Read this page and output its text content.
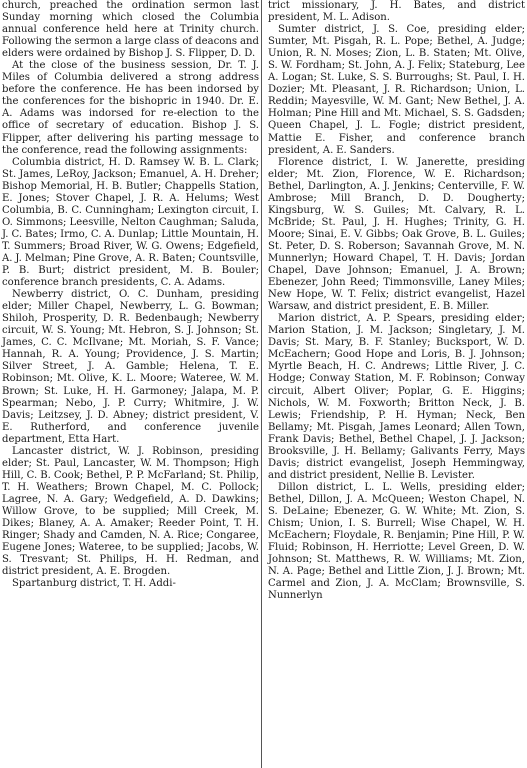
church, preached the ordination sermon last Sunday morning which closed the Columbia annual conference held here at Trinity church. Following the sermon a large class of deacons and elders were ordained by Bishop J. S. Flipper, D. D.

At the close of the business session, Dr. T. J. Miles of Columbia delivered a strong address before the conference. He has been indorsed by the conferences for the bishopric in 1940. Dr. E. A. Adams was indorsed for re-election to the office of secretary of education. Bishop J. S. Flipper, after delivering his parting message to the conference, read the following assignments:

Columbia district, H. D. Ramsey W. B. L. Clark; St. James, LeRoy, Jackson; Emanuel, A. H. Dreher; Bishop Memorial, H. B. Butler; Chappells Station, E. Jones; Stover Chapel, J. R. A. Helums; West Columbia, B. C. Cunningham; Lexington circuit, I. O. Simmons; Leesville, Nelton Caughman; Saluda, J. C. Bates; Irmo, C. A. Dunlap; Little Mountain, H. T. Summers; Broad River, W. G. Owens; Edgefield, A. J. Melman; Pine Grove, A. R. Baten; Countsville, P. B. Burt; district president, M. B. Bouler; conference branch presidents, C. A. Adams.

Newberry district, O. C. Dunham, presiding elder; Miller Chapel, Newberry, L. G. Bowman; Shiloh, Prosperity, D. R. Bedenbaugh; Newberry circuit, W. S. Young; Mt. Hebron, S. J. Johnson; St. James, C. C. McIlvane; Mt. Moriah, S. F. Vance; Hannah, R. A. Young; Providence, J. S. Martin; Silver Street, J. A. Gamble; Helena, T. E. Robinson; Mt. Olive, K. L. Moore; Wateree, W. M. Brown; St. Luke, H. H. Garmoney; Jalapa, M. P. Spearman; Nebo, J. P. Curry; Whitmire, J. W. Davis; Leitzsey, J. D. Abney; district president, V. E. Rutherford, and conference juvenile department, Etta Hart.

Lancaster district, W. J. Robinson, presiding elder; St. Paul, Lancaster, W. M. Thompson; High Hill, C. B. Cook; Bethel, P. P. McFarland; St. Philip, T. H. Weathers; Brown Chapel, M. C. Pollock; Lagree, N. A. Gary; Wedgefield, A. D. Dawkins; Willow Grove, to be supplied; Mill Creek, M. Dikes; Blaney, A. A. Amaker; Reeder Point, T. H. Ringer; Shady and Camden, N. A. Rice; Congaree, Eugene Jones; Wateree, to be supplied; Jacobs, W. S. Tresvant; St. Philips, H. H. Redman, and district president, A. E. Brogden.

Spartanburg district, T. H. Addi-

trict missionary, J. H. Bates, and district president, M. L. Adison.

Sumter district, J. S. Coe, presiding elder; Sumter, Mt. Pisgah, R. L. Pope; Bethel, A. Judge; Union, R. N. Moses; Zion, L. B. Staten; Mt. Olive, S. W. Fordham; St. John, A. J. Felix; Stateburg, Lee A. Logan; St. Luke, S. S. Burroughs; St. Paul, I. H. Dozier; Mt. Pleasant, J. R. Richardson; Union, L. Reddin; Mayesville, W. M. Gant; New Bethel, J. A. Holman; Pine Hill and Mt. Michael, S. S. Gadsden; Queen Chapel, J. L. Fogle; district president, Mattie E. Fisher, and conference branch president, A. E. Sanders.

Florence district, I. W. Janerette, presiding elder; Mt. Zion, Florence, W. E. Richardson; Bethel, Darlington, A. J. Jenkins; Centerville, F. W. Ambrose; Mill Branch, D. D. Dougherty; Kingsburg, W. S. Guiles; Mt. Calvary, R. L. McBride; St. Paul, J. H. Hughes; Trinity, G. H. Moore; Sinai, E. V. Gibbs; Oak Grove, B. L. Guiles; St. Peter, D. S. Roberson; Savannah Grove, M. N. Munnerlyn; Howard Chapel, T. H. Davis; Jordan Chapel, Dave Johnson; Emanuel, J. A. Brown; Ebenezer, John Reed; Timmonsville, Laney Miles; New Hope, W. T. Felix; district evangelist, Hazel Warsaw, and district president, E. B. Miller.

Marion district, A. P. Spears, presiding elder; Marion Station, J. M. Jackson; Singletary, J. M. Davis; St. Mary, B. F. Stanley; Bucksport, W. D. McEachern; Good Hope and Loris, B. J. Johnson; Myrtle Beach, H. C. Andrews; Little River, J. C. Hodge; Conway Station, M. F. Robinson; Conway circuit, Albert Oliver; Poplar, G. E. Higgins; Nichols, W. M. Foxworth; Britton Neck, J. B. Lewis; Friendship, P. H. Hyman; Neck, Ben Bellamy; Mt. Pisgah, James Leonard; Allen Town, Frank Davis; Bethel, Bethel Chapel, J. J. Jackson; Brooksville, J. H. Bellamy; Galivants Ferry, Mays Davis; district evangelist, Joseph Hemmingway, and district president, Nellie B. Levister.

Dillon district, L. L. Wells, presiding elder; Bethel, Dillon, J. A. McQueen; Weston Chapel, N. S. DeLaine; Ebenezer, G. W. White; Mt. Zion, S. Chism; Union, I. S. Burrell; Wise Chapel, W. H. McEachern; Floydale, R. Benjamin; Pine Hill, P. W. Fluid; Robinson, H. Herriotte; Level Green, D. W. Johnson; St. Matthews, R. W. Williams; Mt. Zion, N. A. Page; Bethel and Little Zion, J. J. Brown; Mt. Carmel and Zion, J. A. McClam; Brownsville, S. Nunnerlyn
